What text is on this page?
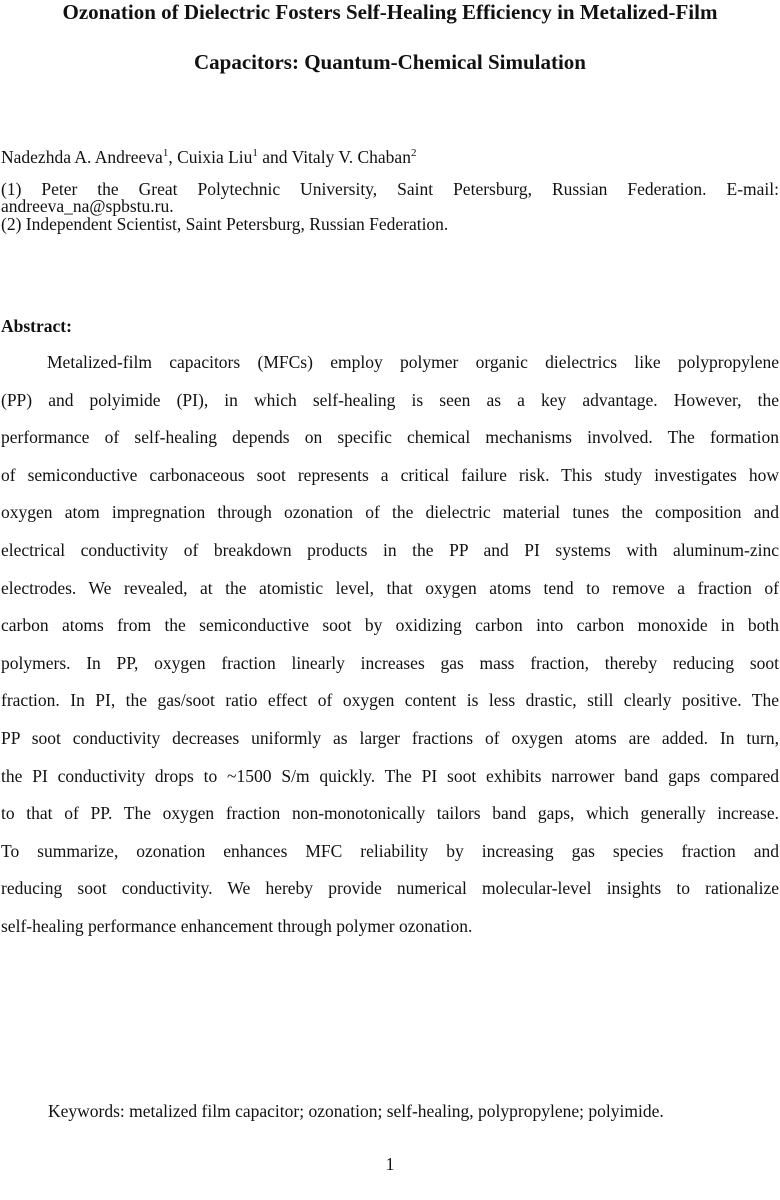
Ozonation of Dielectric Fosters Self-Healing Efficiency in Metalized-Film
Capacitors: Quantum-Chemical Simulation
Nadezhda A. Andreeva$^1$, Cuixia Liu$^1$ and Vitaly V. Chaban$^2$
(1) Peter the Great Polytechnic University, Saint Petersburg, Russian Federation. E-mail:
andreeva_na@spbstu.ru.
(2) Independent Scientist, Saint Petersburg, Russian Federation.
Abstract:
Metalized-film capacitors (MFCs) employ polymer organic dielectrics like polypropylene
(PP) and polyimide (PI), in which self-healing is seen as a key advantage. However, the
performance of self-healing depends on specific chemical mechanisms involved. The formation
of semiconductive carbonaceous soot represents a critical failure risk. This study investigates how
oxygen atom impregnation through ozonation of the dielectric material tunes the composition and
electrical conductivity of breakdown products in the PP and PI systems with aluminum-zinc
electrodes. We revealed, at the atomistic level, that oxygen atoms tend to remove a fraction of
carbon atoms from the semiconductive soot by oxidizing carbon into carbon monoxide in both
polymers. In PP, oxygen fraction linearly increases gas mass fraction, thereby reducing soot
fraction. In PI, the gas/soot ratio effect of oxygen content is less drastic, still clearly positive. The
PP soot conductivity decreases uniformly as larger fractions of oxygen atoms are added. In turn,
the PI conductivity drops to ~1500 S/m quickly. The PI soot exhibits narrower band gaps compared
to that of PP. The oxygen fraction non-monotonically tailors band gaps, which generally increase.
To summarize, ozonation enhances MFC reliability by increasing gas species fraction and
reducing soot conductivity. We hereby provide numerical molecular-level insights to rationalize
self-healing performance enhancement through polymer ozonation.
Keywords: metalized film capacitor; ozonation; self-healing, polypropylene; polyimide.
1
